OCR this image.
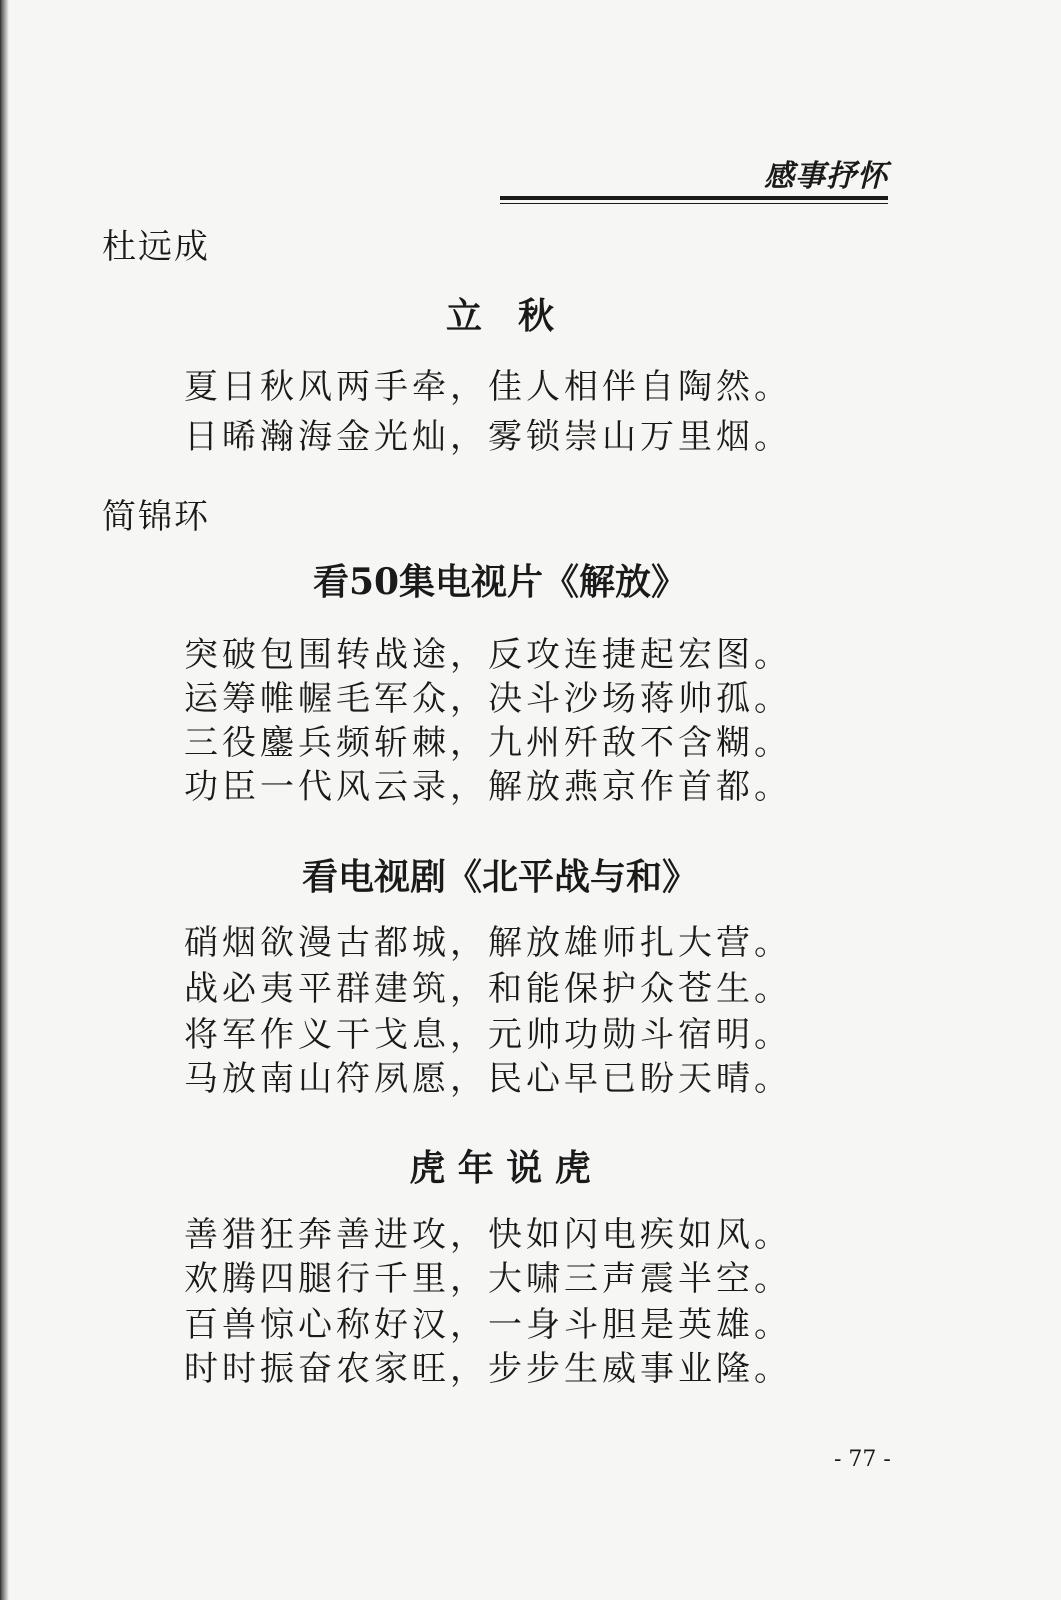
感事抒怀
杜远成
立　秋
夏日秋风两手牵，佳人相伴自陶然。
日晞瀚海金光灿，雾锁崇山万里烟。
简锦环
看50集电视片《解放》
突破包围转战途，反攻连捷起宏图。
运筹帷幄毛军众，决斗沙场蒋帅孤。
三役鏖兵频斩棘，九州歼敌不含糊。
功臣一代风云录，解放燕京作首都。
看电视剧《北平战与和》
硝烟欲漫古都城，解放雄师扎大营。
战必夷平群建筑，和能保护众苍生。
将军作义干戈息，元帅功勋斗宿明。
马放南山符夙愿，民心早已盼天晴。
虎 年 说 虎
善猎狂奔善进攻，快如闪电疾如风。
欢腾四腿行千里，大啸三声震半空。
百兽惊心称好汉，一身斗胆是英雄。
时时振奋农家旺，步步生威事业隆。
- 77 -
